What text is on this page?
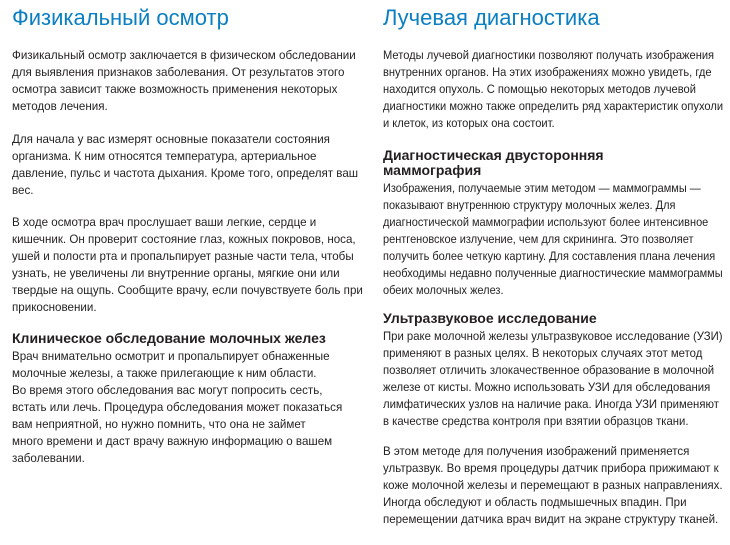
Физикальный осмотр
Физикальный осмотр заключается в физическом обследовании
для выявления признаков заболевания. От результатов этого
осмотра зависит также возможность применения некоторых
методов лечения.
Для начала у вас измерят основные показатели состояния
организма. К ним относятся температура, артериальное
давление, пульс и частота дыхания. Кроме того, определят ваш
вес.
В ходе осмотра врач прослушает ваши легкие, сердце и
кишечник. Он проверит состояние глаз, кожных покровов, носа,
ушей и полости рта и пропальпирует разные части тела, чтобы
узнать, не увеличены ли внутренние органы, мягкие они или
твердые на ощупь. Сообщите врачу, если почувствуете боль при
прикосновении.
Клиническое обследование молочных желез
Врач внимательно осмотрит и пропальпирует обнаженные
молочные железы, а также прилегающие к ним области.
Во время этого обследования вас могут попросить сесть,
встать или лечь. Процедура обследования может показаться
вам неприятной, но нужно помнить, что она не займет
много времени и даст врачу важную информацию о вашем
заболевании.
Лучевая диагностика
Методы лучевой диагностики позволяют получать изображения
внутренних органов. На этих изображениях можно увидеть, где
находится опухоль. С помощью некоторых методов лучевой
диагностики можно также определить ряд характеристик опухоли
и клеток, из которых она состоит.
Диагностическая двусторонняя
маммография
Изображения, получаемые этим методом — маммограммы —
показывают внутреннюю структуру молочных желез. Для
диагностической маммографии используют более интенсивное
рентгеновское излучение, чем для скрининга. Это позволяет
получить более четкую картину. Для составления плана лечения
необходимы недавно полученные диагностические маммограммы
обеих молочных желез.
Ультразвуковое исследование
При раке молочной железы ультразвуковое исследование (УЗИ)
применяют в разных целях. В некоторых случаях этот метод
позволяет отличить злокачественное образование в молочной
железе от кисты. Можно использовать УЗИ для обследования
лимфатических узлов на наличие рака. Иногда УЗИ применяют
в качестве средства контроля при взятии образцов ткани.
В этом методе для получения изображений применяется
ультразвук. Во время процедуры датчик прибора прижимают к
коже молочной железы и перемещают в разных направлениях.
Иногда обследуют и область подмышечных впадин. При
перемещении датчика врач видит на экране структуру тканей.
